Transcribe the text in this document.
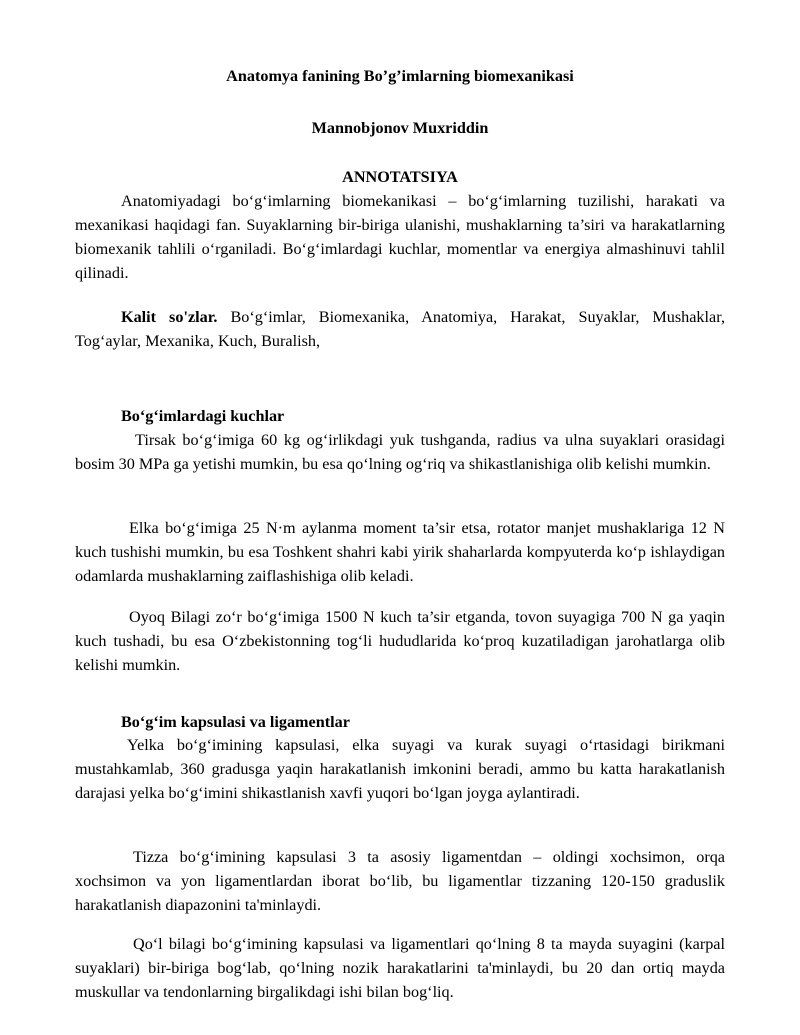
Anatomya fanining Bo’g’imlarning biomexanikasi
Mannobjonov Muxriddin
ANNOTATSIYA

Anatomiyadagi bo‘g‘imlarning biomekanikasi – bo‘g‘imlarning tuzilishi, harakati va mexanikasi haqidagi fan. Suyaklarning bir-biriga ulanishi, mushaklarning ta’siri va harakatlarning biomexanik tahlili o‘rganiladi. Bo‘g‘imlardagi kuchlar, momentlar va energiya almashinuvi tahlil qilinadi.

Kalit so'zlar. Bo‘g‘imlar, Biomexanika, Anatomiya, Harakat, Suyaklar, Mushaklar, Tog‘aylar, Mexanika, Kuch, Buralish,

Bo‘g‘imlardagi kuchlar

Tirsak bo‘g‘imiga 60 kg og‘irlikdagi yuk tushganda, radius va ulna suyaklari orasidagi bosim 30 MPa ga yetishi mumkin, bu esa qo‘lning og‘riq va shikastlanishiga olib kelishi mumkin.

Elka bo‘g‘imiga 25 N·m aylanma moment ta’sir etsa, rotator manjet mushaklariga 12 N kuch tushishi mumkin, bu esa Toshkent shahri kabi yirik shaharlarda kompyuterda ko‘p ishlaydigan odamlarda mushaklarning zaiflashishiga olib keladi.

Oyoq Bilagi zo‘r bo‘g‘imiga 1500 N kuch ta’sir etganda, tovon suyagiga 700 N ga yaqin kuch tushadi, bu esa O‘zbekistonning tog‘li hududlarida ko‘proq kuzatiladigan jarohatlarga olib kelishi mumkin.

Bo‘g‘im kapsulasi va ligamentlar

Yelka bo‘g‘imining kapsulasi, elka suyagi va kurak suyagi o‘rtasidagi birikmani mustahkamlab, 360 gradusga yaqin harakatlanish imkonini beradi, ammo bu katta harakatlanish darajasi yelka bo‘g‘imini shikastlanish xavfi yuqori bo‘lgan joyga aylantiradi.

Tizza bo‘g‘imining kapsulasi 3 ta asosiy ligamentdan – oldingi xochsimon, orqa xochsimon va yon ligamentlardan iborat bo‘lib, bu ligamentlar tizzaning 120-150 graduslik harakatlanish diapazonini ta'minlaydi.

Qo‘l bilagi bo‘g‘imining kapsulasi va ligamentlari qo‘lning 8 ta mayda suyagini (karpal suyaklari) bir-biriga bog‘lab, qo‘lning nozik harakatlarini ta'minlaydi, bu 20 dan ortiq mayda muskullar va tendonlarning birgalikdagi ishi bilan bog‘liq.
